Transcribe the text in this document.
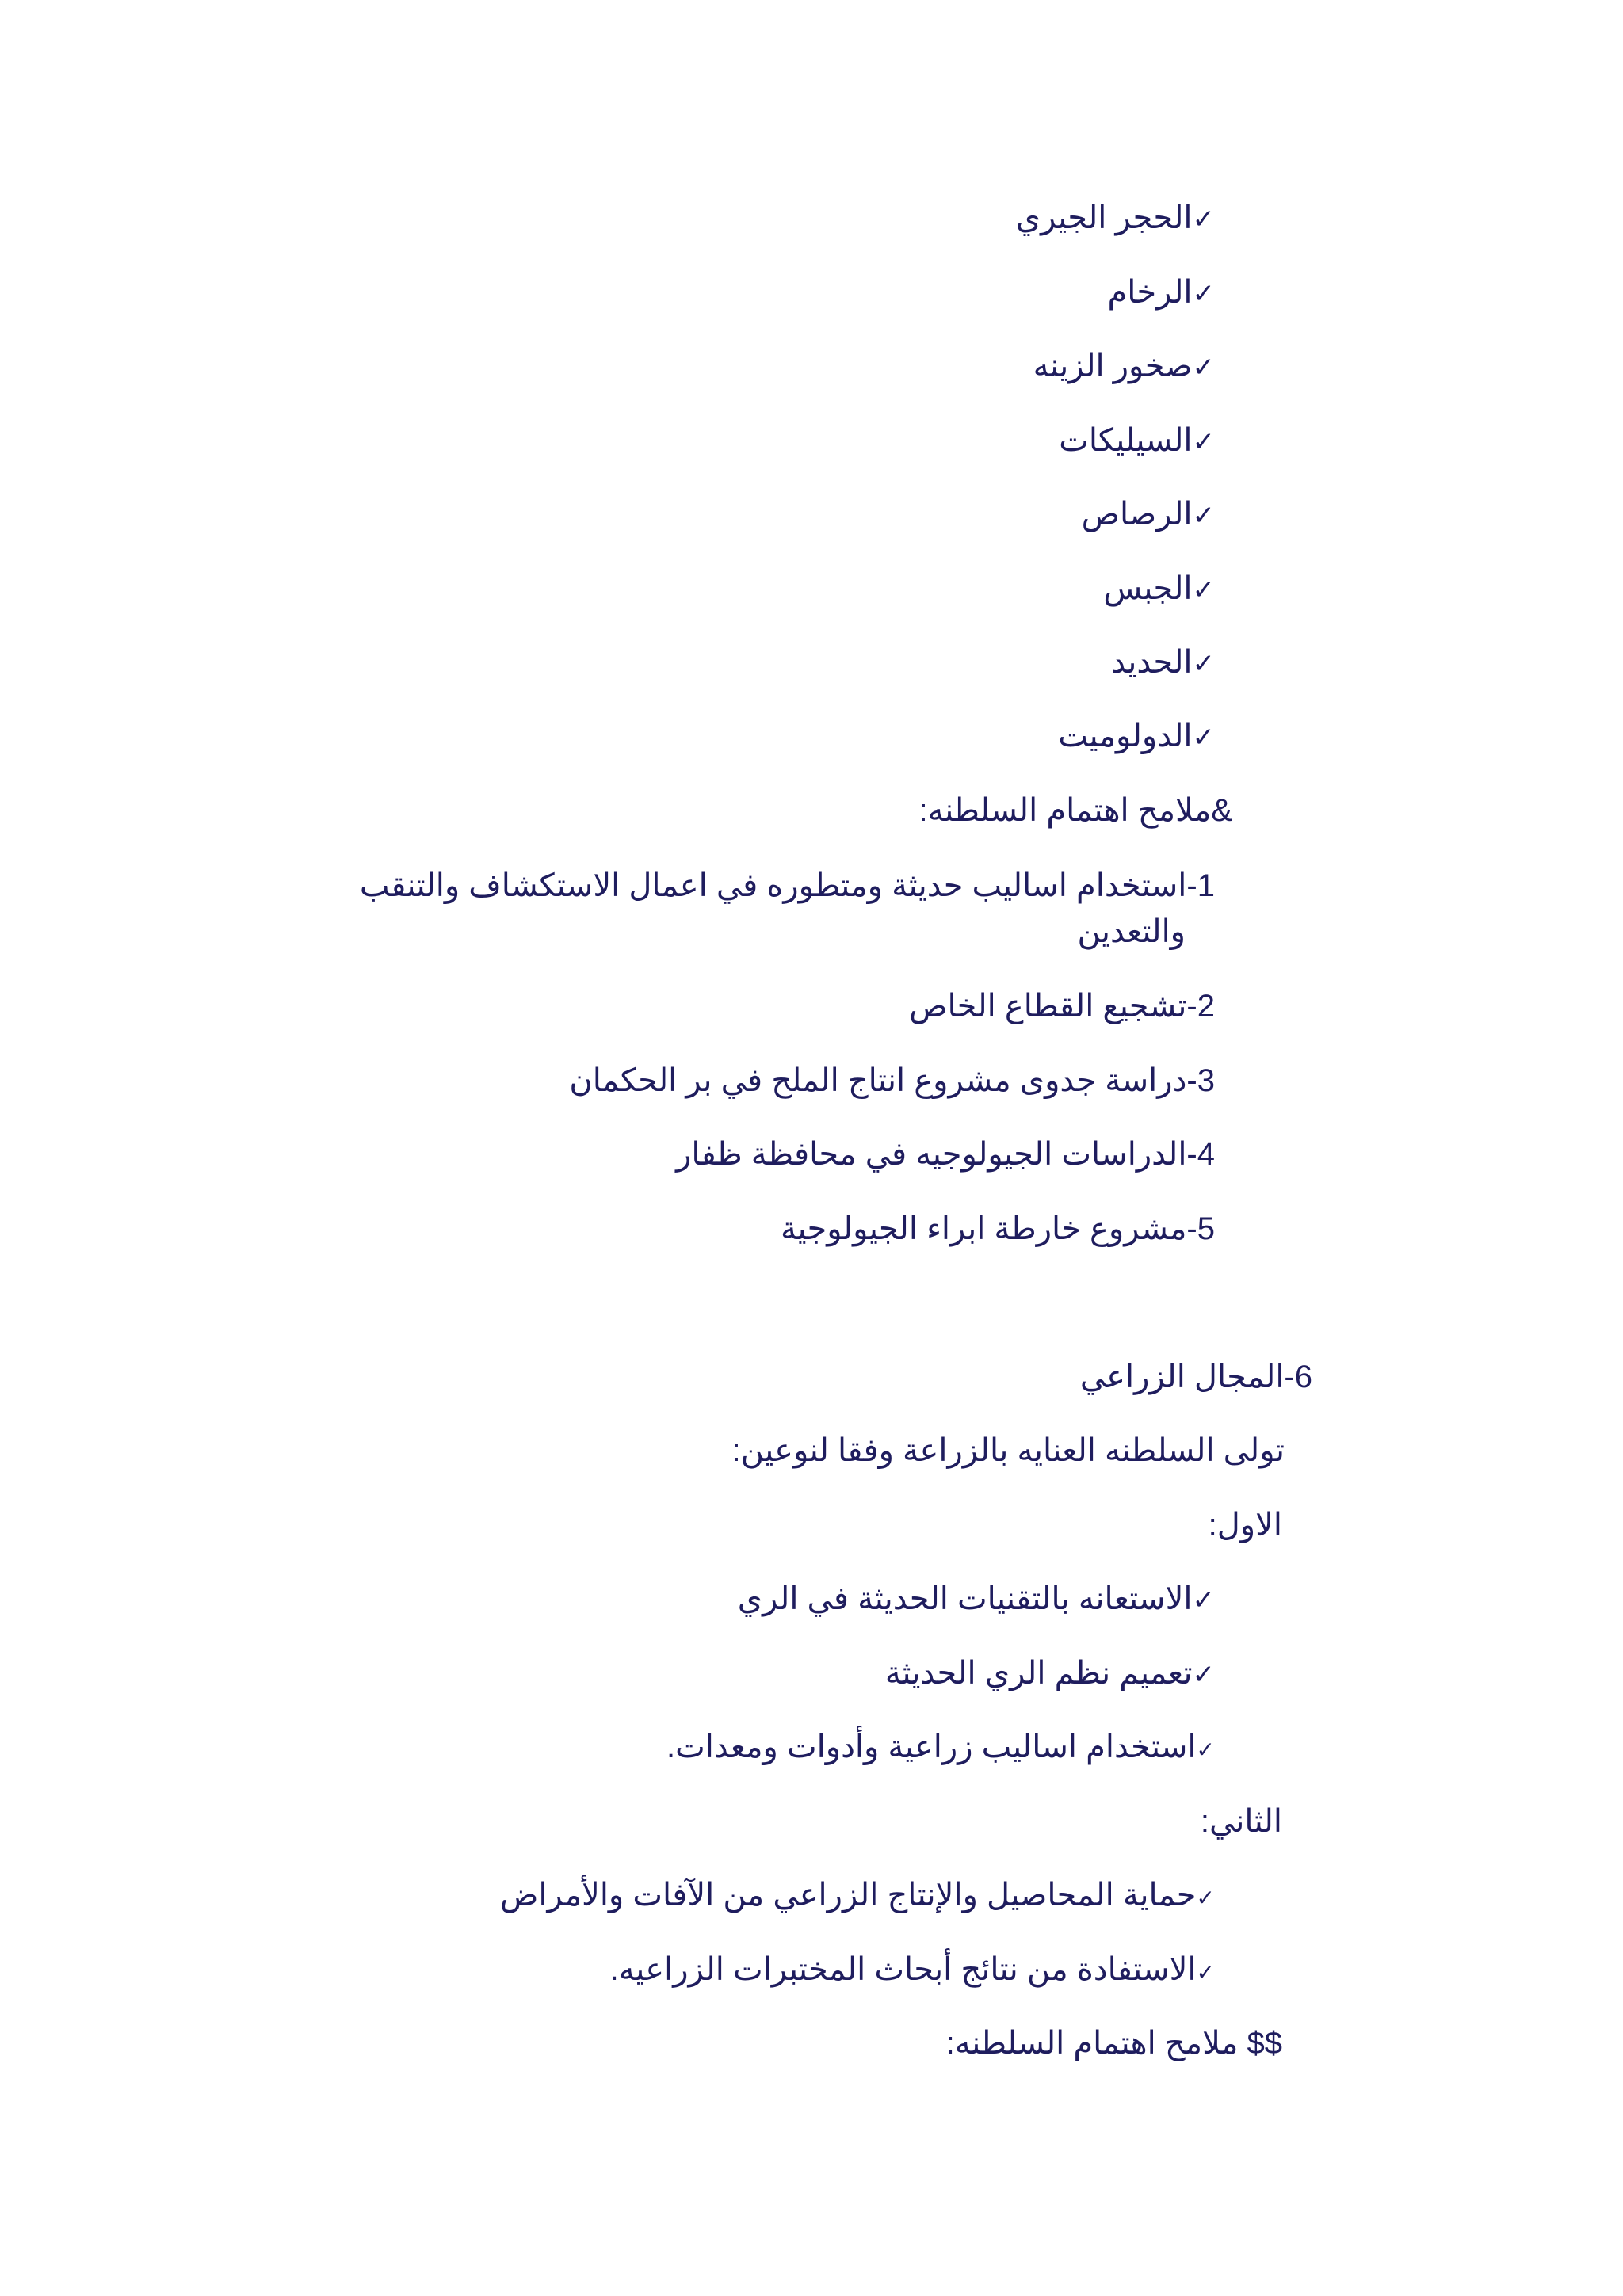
✓الحجر الجيري
✓الرخام
✓صخور الزينه
✓السيليكات
✓الرصاص
✓الجبس
✓الحديد
✓الدولوميت
&ملامح اهتمام السلطنه:
1-استخدام اساليب حديثة ومتطوره في اعمال الاستكشاف والتنقب
والتعدين
2-تشجيع القطاع الخاص
3-دراسة جدوى مشروع انتاج الملح في بر الحكمان
4-الدراسات الجيولوجيه في محافظة ظفار
5-مشروع خارطة ابراء الجيولوجية
6-المجال الزراعي
تولى السلطنه العنايه بالزراعة وفقا لنوعين:
الاول:
✓الاستعانه بالتقنيات الحديثة في الري
✓تعميم نظم الري الحديثة
✓استخدام اساليب زراعية وأدوات ومعدات.
الثاني:
✓حماية المحاصيل والإنتاج الزراعي من الآفات والأمراض
✓الاستفادة من نتائج أبحاث المختبرات الزراعيه.
$$ ملامح اهتمام السلطنه:
